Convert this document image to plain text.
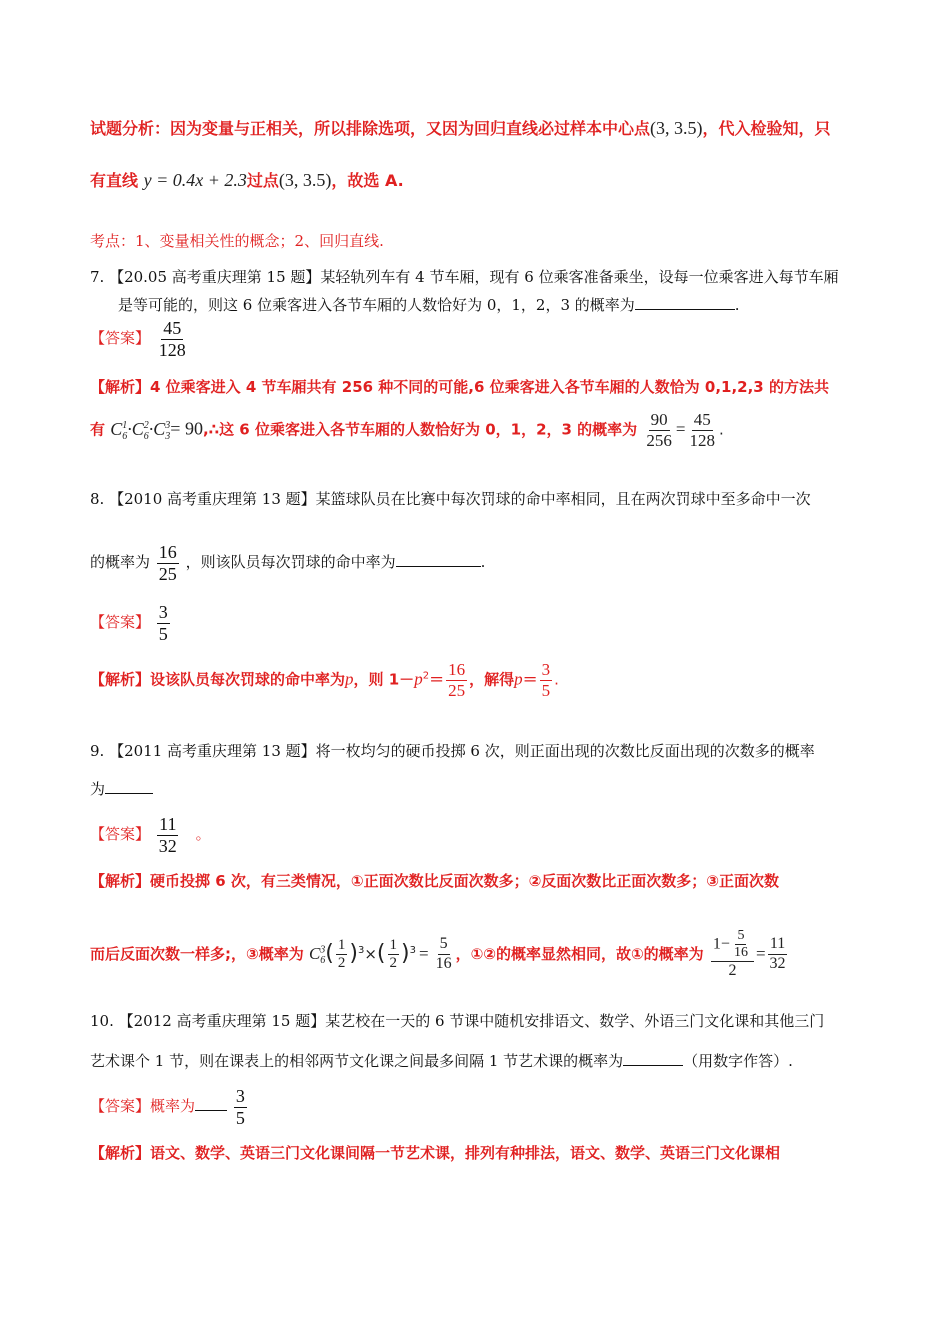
试题分析：因为变量与正相关，所以排除选项，又因为回归直线必过样本中心点(3, 3.5)，代入检验知，只
有直线 y = 0.4x + 2.3过点(3, 3.5)，故选 A.
考点：1、变量相关性的概念；2、回归直线.
7. 【20.05 高考重庆理第 15 题】某轻轨列车有 4 节车厢，现有 6 位乘客准备乘坐，设每一位乘客进入每节车厢
是等可能的，则这 6 位乘客进入各节车厢的人数恰好为 0，1，2，3 的概率为	.
【答案】 $\frac{45}{128}$
【解析】4 位乘客进入 4 节车厢共有 256 种不同的可能,6 位乘客进入各节车厢的人数恰为 0,1,2,3 的方法共
有 $C^1_6\cdot C^2_6\cdot C^3_3=$ 90,∴这 6 位乘客进入各节车厢的人数恰好为 0，1，2，3 的概率为 $\frac{90}{256} = \frac{45}{128}$ .
8. 【2010 高考重庆理第 13 题】某篮球队员在比赛中每次罚球的命中率相同，且在两次罚球中至多命中一次
的概率为 $\frac{16}{25}$ ，则该队员每次罚球的命中率为	.
【答案】 $\frac{3}{5}$
【解析】设该队员每次罚球的命中率为p，则 $1-p^2= \frac{16}{25}$ ，解得$p= \frac{3}{5}$ .
9. 【2011 高考重庆理第 13 题】将一枚均匀的硬币投掷 6 次，则正面出现的次数比反面出现的次数多的概率
为
【答案】 $\frac{11}{32}$ 。
【解析】硬币投掷 6 次，有三类情况，①正面次数比反面次数多；②反面次数比正面次数多；③正面次数
而后反面次数一样多;，③概率为 $C^3_6( \frac{1}{2} )^3\times( \frac{1}{2} )^3 = \frac{5}{16}$ ，①②的概率显然相同，故①的概率为 $\frac{1- \frac{5}{16}}{2} = \frac{11}{32}$
10. 【2012 高考重庆理第 15 题】某艺校在一天的 6 节课中随机安排语文、数学、外语三门文化课和其他三门
艺术课个 1 节，则在课表上的相邻两节文化课之间最多间隔 1 节艺术课的概率为	（用数字作答）.
【答案】概率为 $\frac{3}{5}$
【解析】语文、数学、英语三门文化课间隔一节艺术课，排列有种排法，语文、数学、英语三门文化课相
